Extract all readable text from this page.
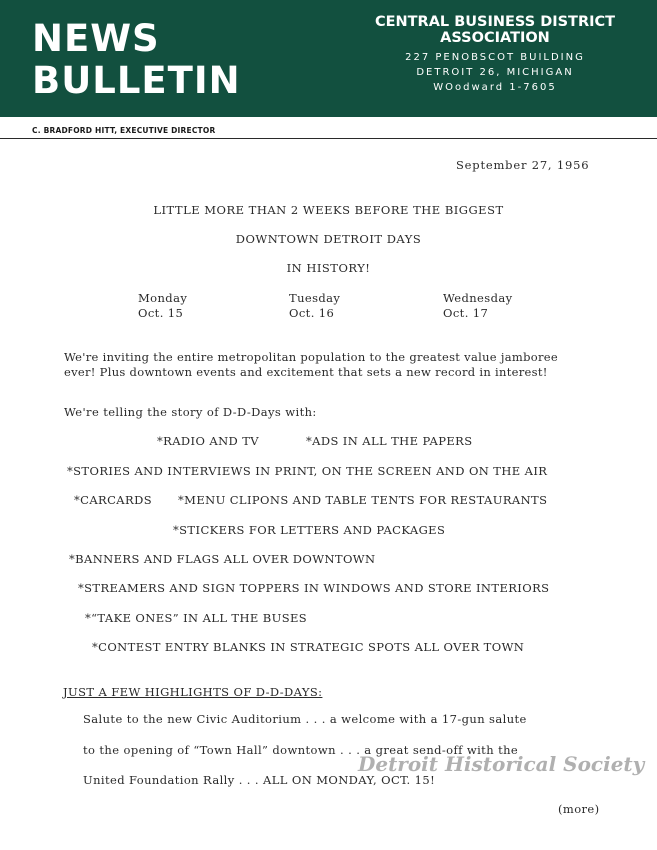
NEWS
BULLETIN
CENTRAL BUSINESS DISTRICT ASSOCIATION
227 PENOBSCOT BUILDING
DETROIT 26, MICHIGAN
WOodward 1-7605
C. BRADFORD HITT, EXECUTIVE DIRECTOR
September 27, 1956
LITTLE MORE THAN 2 WEEKS BEFORE THE BIGGEST
DOWNTOWN DETROIT DAYS
IN HISTORY!
Monday
Oct. 15
Tuesday
Oct. 16
Wednesday
Oct. 17
We're inviting the entire metropolitan population to the greatest value jamboree
ever! Plus downtown events and excitement that sets a new record in interest!
We're telling the story of D-D-Days with:
*RADIO AND TV	*ADS IN ALL THE PAPERS
*STORIES AND INTERVIEWS IN PRINT, ON THE SCREEN AND ON THE AIR
*CARCARDS *MENU CLIPONS AND TABLE TENTS FOR RESTAURANTS
*STICKERS FOR LETTERS AND PACKAGES
*BANNERS AND FLAGS ALL OVER DOWNTOWN
*STREAMERS AND SIGN TOPPERS IN WINDOWS AND STORE INTERIORS
*“TAKE ONES” IN ALL THE BUSES
*CONTEST ENTRY BLANKS IN STRATEGIC SPOTS ALL OVER TOWN
JUST A FEW HIGHLIGHTS OF D-D-DAYS:
Salute to the new Civic Auditorium . . . a welcome with a 17-gun salute
to the opening of “Town Hall” downtown . . . a great send-off with the
United Foundation Rally . . . ALL ON MONDAY, OCT. 15!
(more)
Detroit Historical Society
